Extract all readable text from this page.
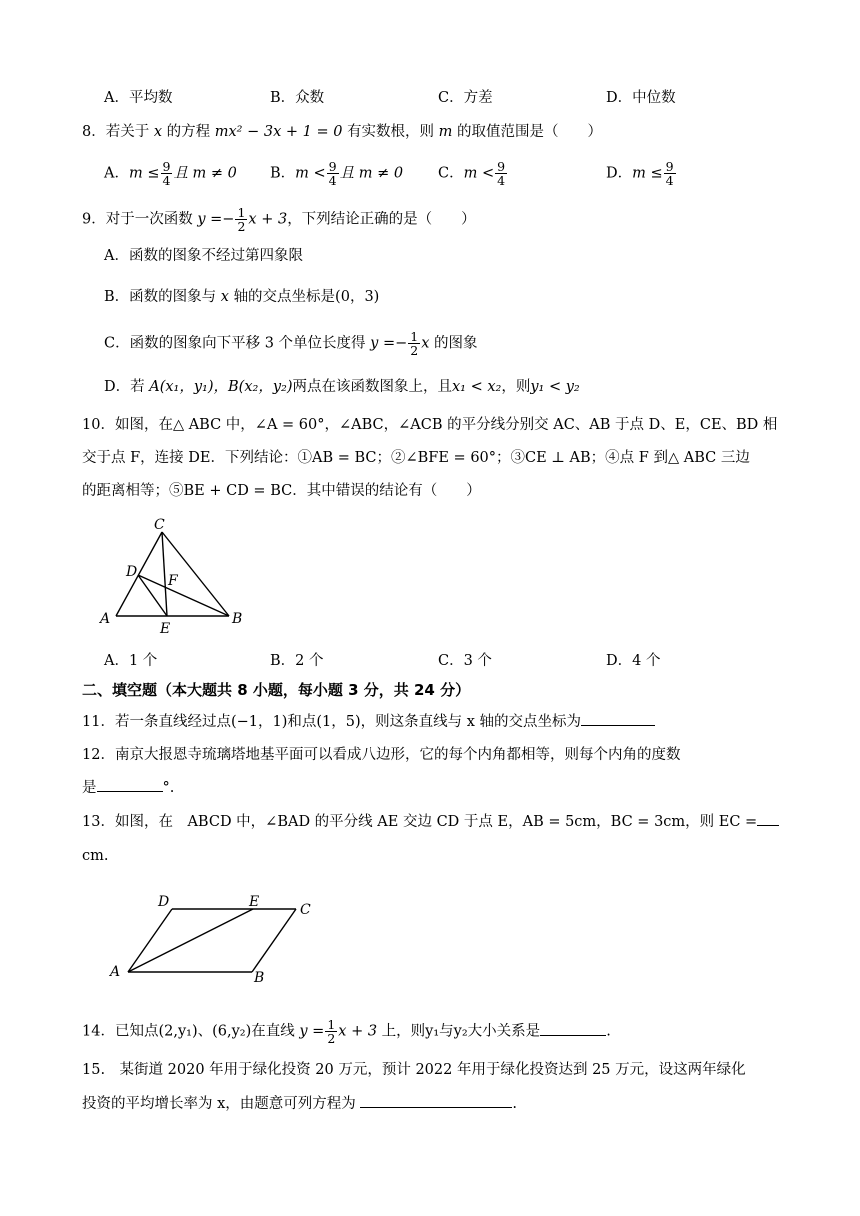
A．平均数	B．众数	C．方差	D．中位数
8．若关于 x 的方程 mx² − 3x + 1 = 0 有实数根，则 m 的取值范围是（　　）
A．$m \le \frac{9}{4}$ 且 m ≠ 0 B．$m < \frac{9}{4}$ 且 m ≠ 0 C．$m < \frac{9}{4}$	D．$m \le \frac{9}{4}$
9．对于一次函数 $y =- \frac{1}{2}$ x + 3，下列结论正确的是（　　）
A．函数的图象不经过第四象限
B．函数的图象与 x 轴的交点坐标是(0，3)
C．函数的图象向下平移 3 个单位长度得 $y =- \frac{1}{2}$ x 的图象
D．若 A(x₁，y₁)，B(x₂，y₂)两点在该函数图象上，且x₁ < x₂，则y₁ < y₂
10．如图，在△ ABC 中，∠A = 60°，∠ABC，∠ACB 的平分线分别交 AC、AB 于点 D、E，CE、BD 相
交于点 F，连接 DE．下列结论：①AB = BC；②∠BFE = 60°；③CE ⊥ AB；④点 F 到△ ABC 三边
的距离相等；⑤BE + CD = BC．其中错误的结论有（　　）
C
D
F
A
E
B
A．1 个	B．2 个	C．3 个	D．4 个
二、填空题（本大题共 8 小题，每小题 3 分，共 24 分）
11．若一条直线经过点(−1，1)和点(1，5)，则这条直线与 x 轴的交点坐标为
12．南京大报恩寺琉璃塔地基平面可以看成八边形，它的每个内角都相等，则每个内角的度数
是	°.
13．如图，在　ABCD 中，∠BAD 的平分线 AE 交边 CD 于点 E，AB = 5cm，BC = 3cm，则 EC =
cm.
D	E	C
A	B
14．已知点(2,y₁)、(6,y₂)在直线 $y = \frac{1}{2}$ x + 3 上，则y₁与y₂大小关系是	.
15.　某街道 2020 年用于绿化投资 20 万元，预计 2022 年用于绿化投资达到 25 万元，设这两年绿化
投资的平均增长率为 x，由题意可列方程为	.
